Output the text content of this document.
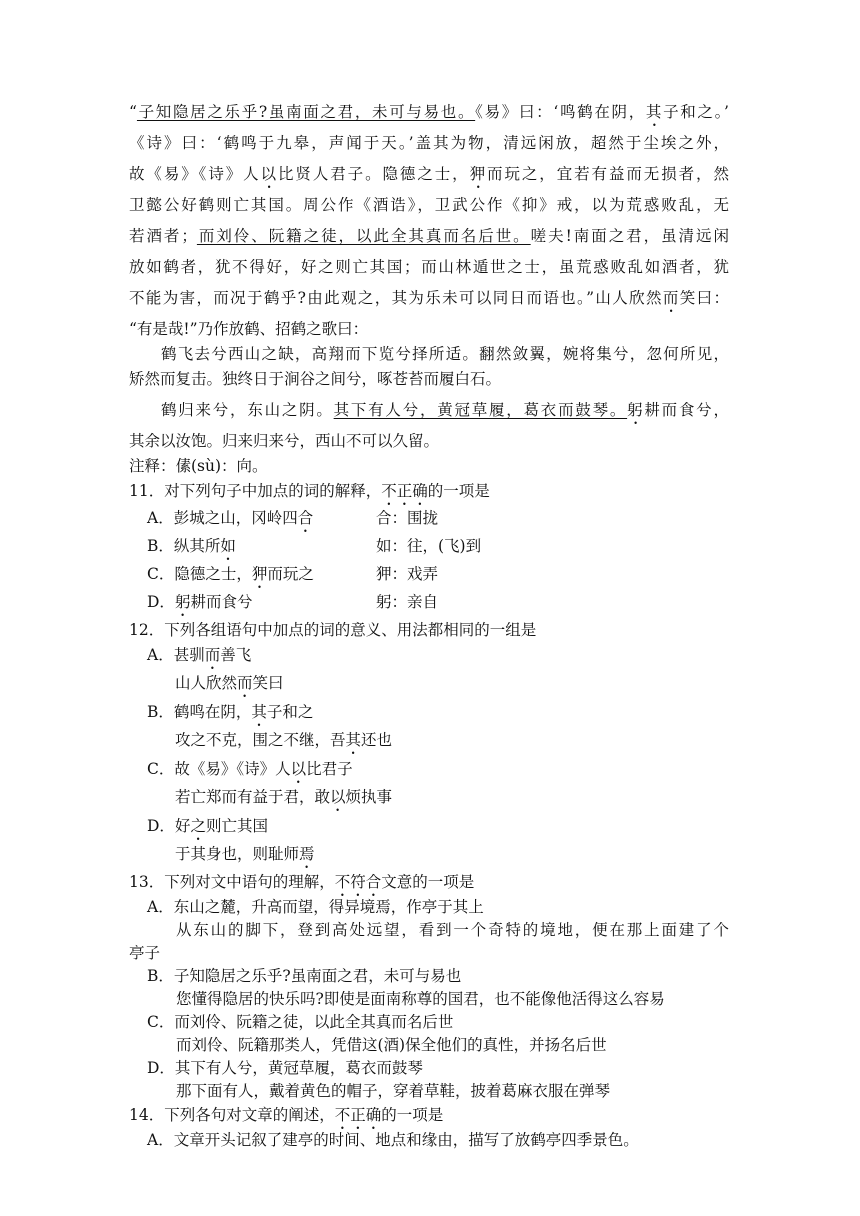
“子知隐居之乐乎?虽南面之君，未可与易也。《易》曰：‘鸣鹤在阴，其子和之。’
《诗》曰：‘鹤鸣于九皋，声闻于天。’盖其为物，清远闲放，超然于尘埃之外，
故《易》《诗》人以比贤人君子。隐德之士，狎而玩之，宜若有益而无损者，然
卫懿公好鹤则亡其国。周公作《酒诰》，卫武公作《抑》戒，以为荒惑败乱，无
若酒者；而刘伶、阮籍之徒，以此全其真而名后世。嗟夫!南面之君，虽清远闲
放如鹤者，犹不得好，好之则亡其国；而山林遁世之士，虽荒惑败乱如酒者，犹
不能为害，而况于鹤乎?由此观之，其为乐未可以同日而语也。”山人欣然而笑曰：
“有是哉!”乃作放鹤、招鹤之歌曰：
鹤飞去兮西山之缺，高翔而下览兮择所适。翻然敛翼，婉将集兮，忽何所见，
矫然而复击。独终日于涧谷之间兮，啄苍苔而履白石。
鹤归来兮，东山之阴。其下有人兮，黄冠草履，葛衣而鼓琴。躬耕而食兮，
其余以汝饱。归来归来兮，西山不可以久留。
注释：傃(sù)：向。
11．对下列句子中加点的词的解释，不正确的一项是
A．彭城之山，冈岭四合	合：围拢
B．纵其所如	如：往，(飞)到
C．隐德之士，狎而玩之	狎：戏弄
D．躬耕而食兮	躬：亲自
12．下列各组语句中加点的词的意义、用法都相同的一组是
A．甚驯而善飞
山人欣然而笑曰
B．鹤鸣在阴，其子和之
攻之不克，围之不继，吾其还也
C．故《易》《诗》人以比君子
若亡郑而有益于君，敢以烦执事
D．好之则亡其国
于其身也，则耻师焉
13．下列对文中语句的理解，不符合文意的一项是
A．东山之麓，升高而望，得异境焉，作亭于其上
从东山的脚下，登到高处远望，看到一个奇特的境地，便在那上面建了个
亭子
B．子知隐居之乐乎?虽南面之君，未可与易也
您懂得隐居的快乐吗?即使是面南称尊的国君，也不能像他活得这么容易
C．而刘伶、阮籍之徒，以此全其真而名后世
而刘伶、阮籍那类人，凭借这(酒)保全他们的真性，并扬名后世
D．其下有人兮，黄冠草履，葛衣而鼓琴
那下面有人，戴着黄色的帽子，穿着草鞋，披着葛麻衣服在弹琴
14．下列各句对文章的阐述，不正确的一项是
A．文章开头记叙了建亭的时间、地点和缘由，描写了放鹤亭四季景色。
